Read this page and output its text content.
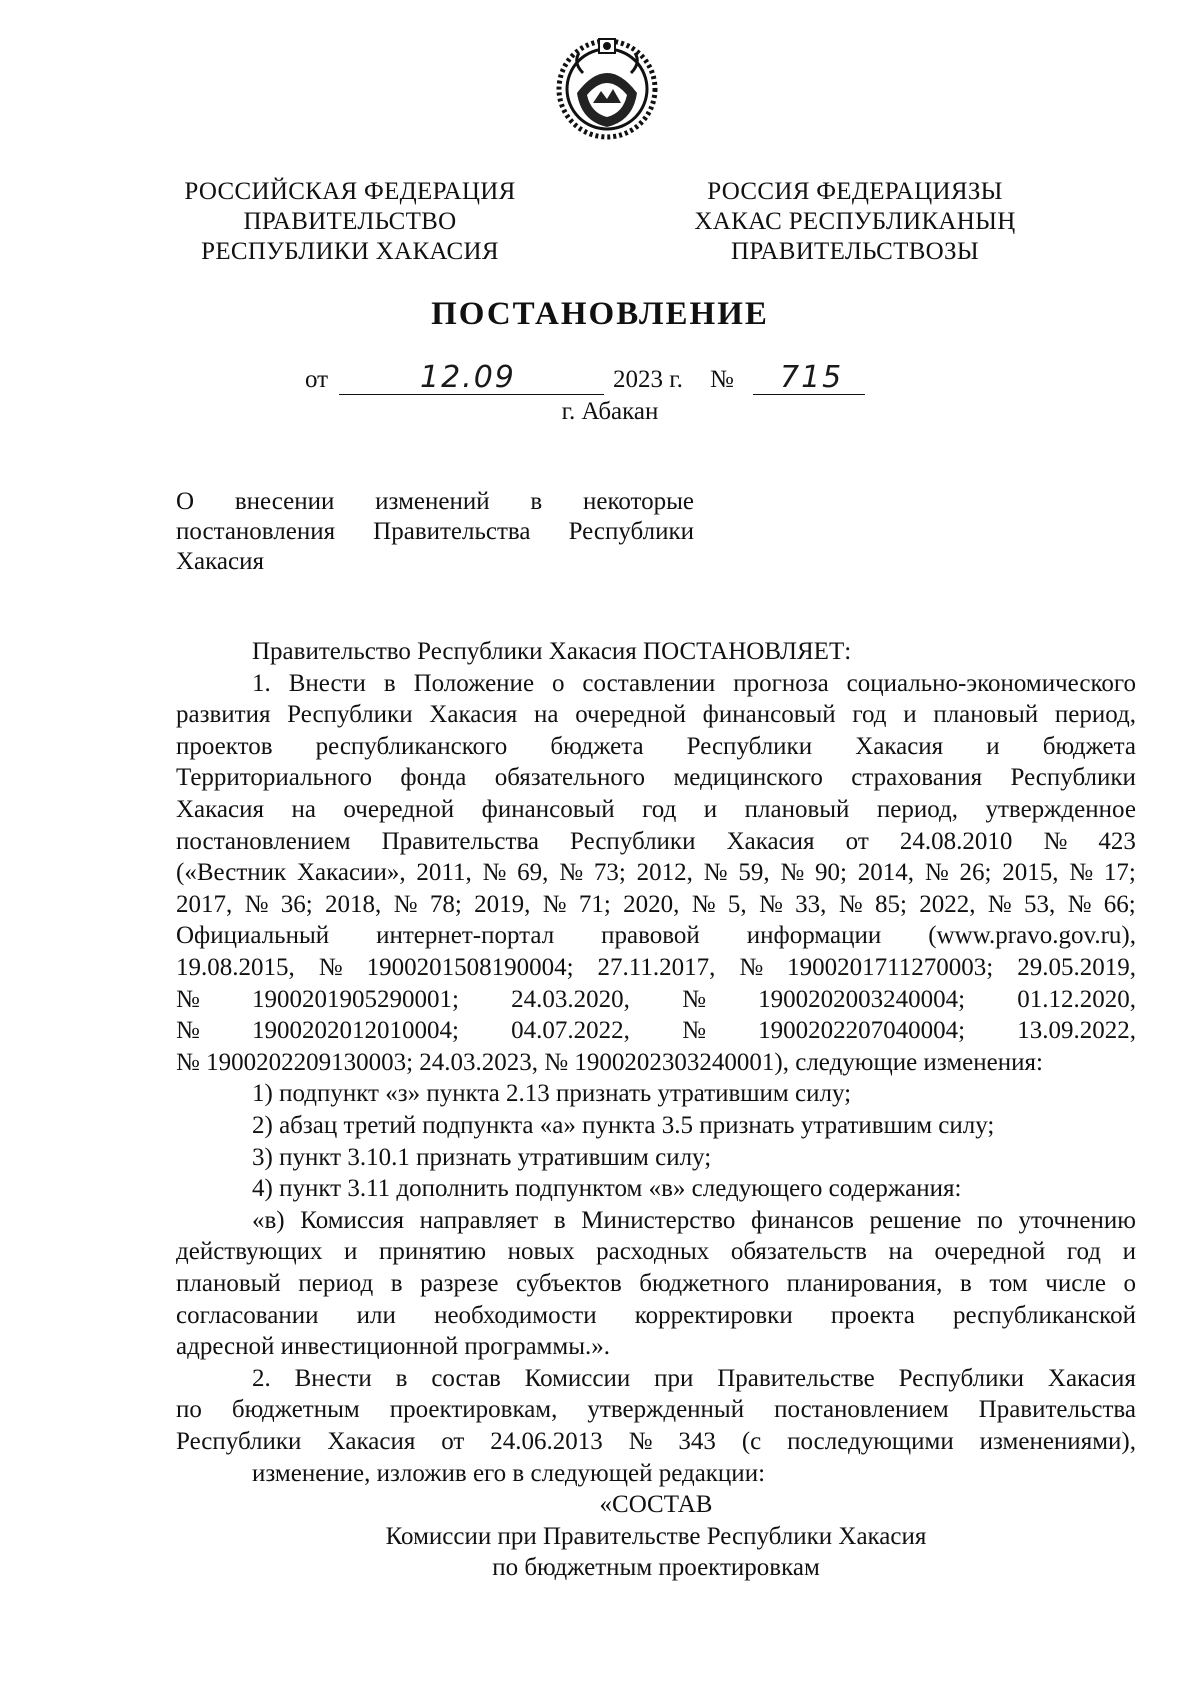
РОССИЙСКАЯ ФЕДЕРАЦИЯ
ПРАВИТЕЛЬСТВО
РЕСПУБЛИКИ ХАКАСИЯ
РОССИЯ ФЕДЕРАЦИЯЗЫ
ХАКАС РЕСПУБЛИКАНЫҢ
ПРАВИТЕЛЬСТВОЗЫ
ПОСТАНОВЛЕНИЕ
от	12.09	2023 г. № 715
г. Абакан
О внесении изменений в некоторые
постановления Правительства Республики
Хакасия
Правительство Республики Хакасия ПОСТАНОВЛЯЕТ:
1. Внести в Положение о составлении прогноза социально-экономического
развития Республики Хакасия на очередной финансовый год и плановый период,
проектов республиканского бюджета Республики Хакасия и бюджета
Территориального фонда обязательного медицинского страхования Республики
Хакасия на очередной финансовый год и плановый период, утвержденное
постановлением Правительства Республики Хакасия от 24.08.2010 № 423
(«Вестник Хакасии», 2011, № 69, № 73; 2012, № 59, № 90; 2014, № 26; 2015, № 17;
2017, № 36; 2018, № 78; 2019, № 71; 2020, № 5, № 33, № 85; 2022, № 53, № 66;
Официальный интернет-портал правовой информации (www.pravo.gov.ru),
19.08.2015, № 1900201508190004; 27.11.2017, № 1900201711270003; 29.05.2019,
№ 1900201905290001; 24.03.2020, № 1900202003240004; 01.12.2020,
№ 1900202012010004; 04.07.2022, № 1900202207040004; 13.09.2022,
№ 1900202209130003; 24.03.2023, № 1900202303240001), следующие изменения:
1) подпункт «з» пункта 2.13 признать утратившим силу;
2) абзац третий подпункта «а» пункта 3.5 признать утратившим силу;
3) пункт 3.10.1 признать утратившим силу;
4) пункт 3.11 дополнить подпунктом «в» следующего содержания:
«в) Комиссия направляет в Министерство финансов решение по уточнению
действующих и принятию новых расходных обязательств на очередной год и
плановый период в разрезе субъектов бюджетного планирования, в том числе о
согласовании или необходимости корректировки проекта республиканской
адресной инвестиционной программы.».
2. Внести в состав Комиссии при Правительстве Республики Хакасия
по бюджетным проектировкам, утвержденный постановлением Правительства
Республики Хакасия от 24.06.2013 № 343 (с последующими изменениями),
изменение, изложив его в следующей редакции:
«СОСТАВ
Комиссии при Правительстве Республики Хакасия
по бюджетным проектировкам
